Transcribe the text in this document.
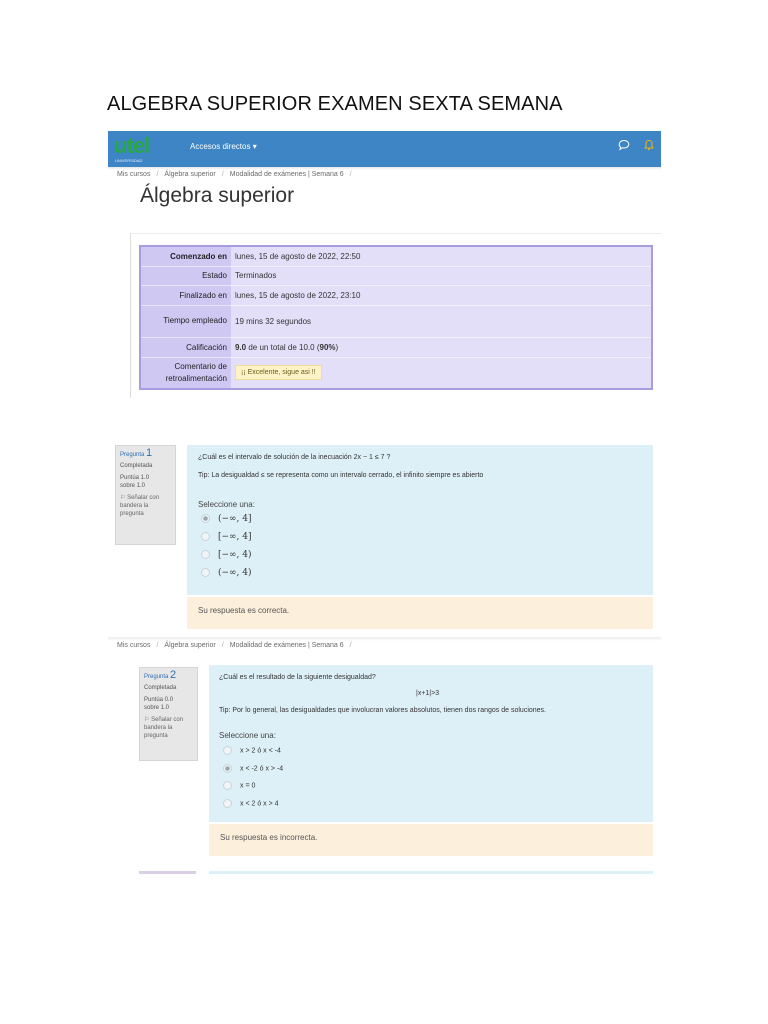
ALGEBRA SUPERIOR EXAMEN SEXTA SEMANA
utel
UNIVERSIDAD
Accesos directos ▾
Mis cursos / Álgebra superior / Modalidad de exámenes | Semana 6 /
Álgebra superior
Comenzado en	lunes, 15 de agosto de 2022, 22:50
Estado	Terminados
Finalizado en	lunes, 15 de agosto de 2022, 23:10
Tiempo empleado	19 mins 32 segundos
Calificación	9.0 de un total de 10.0 (90%)
Comentario de retroalimentación	¡¡ Excelente, sigue asi !!
Pregunta 1
Completada
Puntúa 1.0 sobre 1.0
⚐ Señalar con bandera la pregunta
¿Cuál es el intervalo de solución de la inecuación 2x − 1 ≤ 7 ?
Tip: La desigualdad ≤ se representa como un intervalo cerrado, el infinito siempre es abierto
Seleccione una:
(−∞, 4]
[−∞, 4]
[−∞, 4)
(−∞, 4)
Su respuesta es correcta.
Mis cursos / Álgebra superior / Modalidad de exámenes | Semana 6 /
Pregunta 2
Completada
Puntúa 0.0 sobre 1.0
⚐ Señalar con bandera la pregunta
¿Cuál es el resultado de la siguiente desigualdad?
|x+1|>3
Tip: Por lo general, las desigualdades que involucran valores absolutos, tienen dos rangos de soluciones.
Seleccione una:
x > 2 ó x < -4
x < -2 ó x > -4
x = 0
x < 2 ó x > 4
Su respuesta es incorrecta.
